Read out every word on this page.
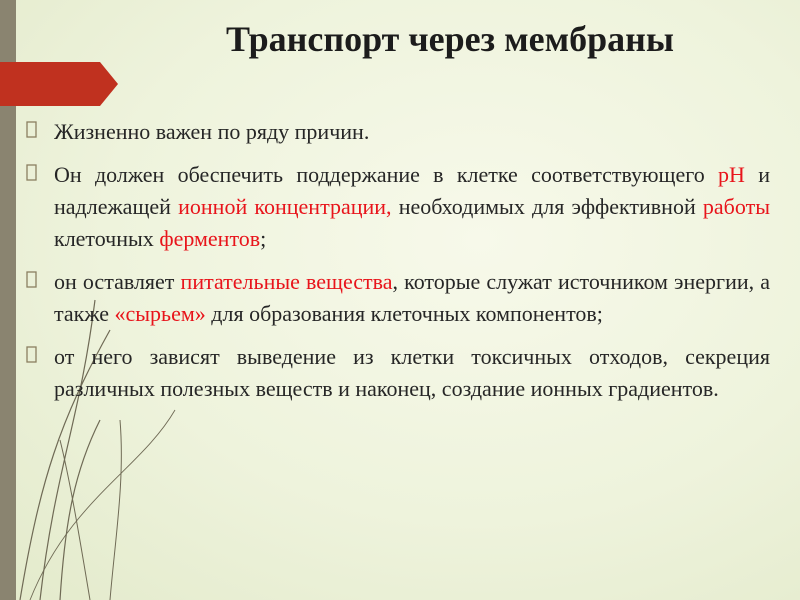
Транспорт через мембраны
Жизненно важен по ряду причин.
Он должен обеспечить поддержание в клетке соответствующего рН и надлежащей ионной концентрации, необходимых для эффективной работы клеточных ферментов;
он оставляет питательные вещества, которые служат источником энергии, а также «сырьем» для образования клеточных компонентов;
от него зависят выведение из клетки токсичных отходов, секреция различных полезных веществ и наконец, создание ионных градиентов.
